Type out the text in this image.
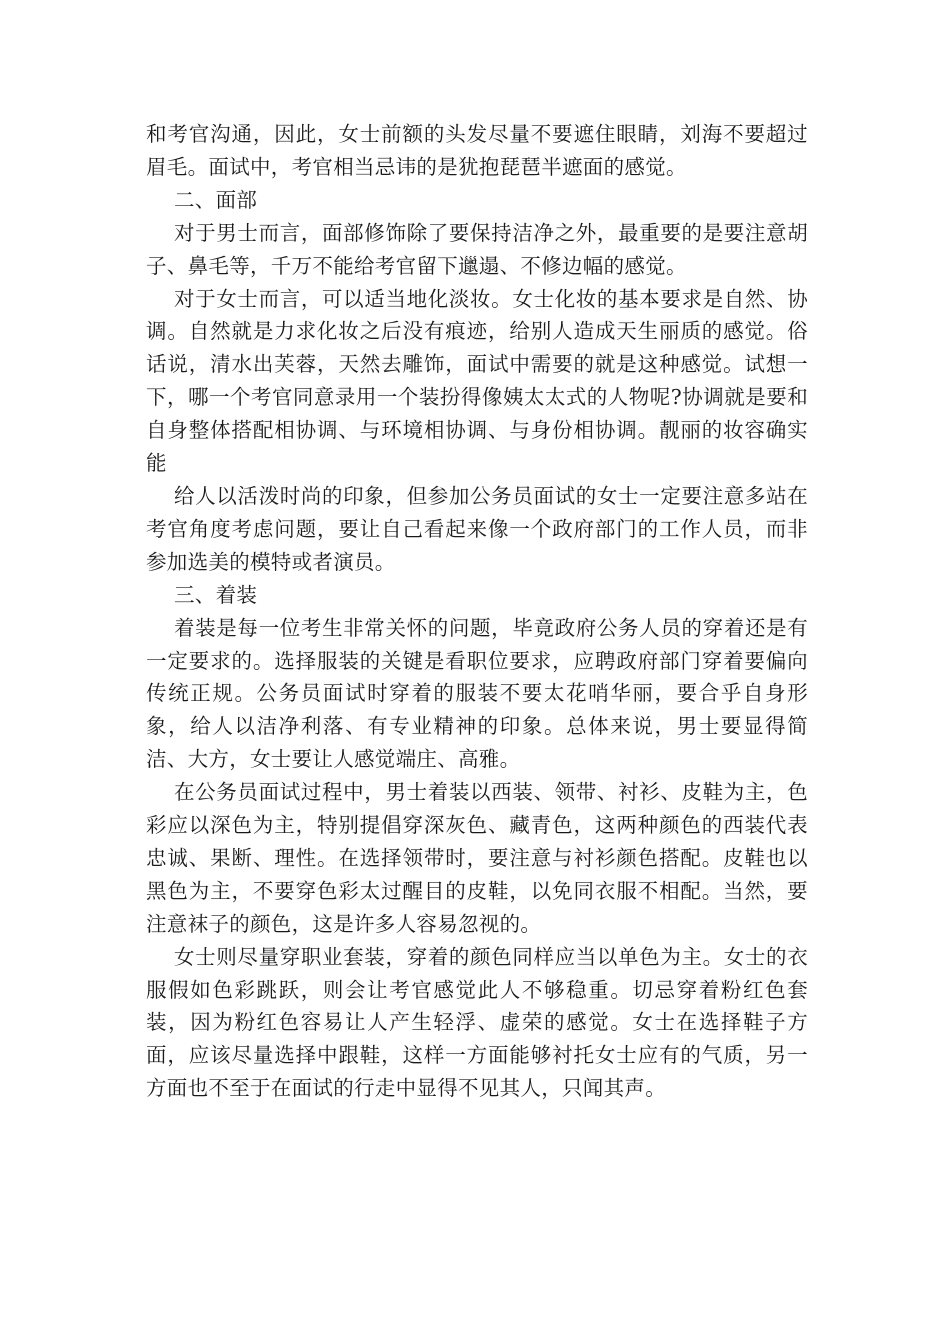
和考官沟通，因此，女士前额的头发尽量不要遮住眼睛，刘海不要超过眉毛。面试中，考官相当忌讳的是犹抱琵琶半遮面的感觉。

二、面部

对于男士而言，面部修饰除了要保持洁净之外，最重要的是要注意胡子、鼻毛等，千万不能给考官留下邋遢、不修边幅的感觉。

对于女士而言，可以适当地化淡妆。女士化妆的基本要求是自然、协调。自然就是力求化妆之后没有痕迹，给别人造成天生丽质的感觉。俗话说，清水出芙蓉，天然去雕饰，面试中需要的就是这种感觉。试想一下，哪一个考官同意录用一个装扮得像姨太太式的人物呢?协调就是要和自身整体搭配相协调、与环境相协调、与身份相协调。靓丽的妆容确实能

给人以活泼时尚的印象，但参加公务员面试的女士一定要注意多站在考官角度考虑问题，要让自己看起来像一个政府部门的工作人员，而非参加选美的模特或者演员。

三、着装

着装是每一位考生非常关怀的问题，毕竟政府公务人员的穿着还是有一定要求的。选择服装的关键是看职位要求，应聘政府部门穿着要偏向传统正规。公务员面试时穿着的服装不要太花哨华丽，要合乎自身形象，给人以洁净利落、有专业精神的印象。总体来说，男士要显得简洁、大方，女士要让人感觉端庄、高雅。

在公务员面试过程中，男士着装以西装、领带、衬衫、皮鞋为主，色彩应以深色为主，特别提倡穿深灰色、藏青色，这两种颜色的西装代表忠诚、果断、理性。在选择领带时，要注意与衬衫颜色搭配。皮鞋也以黑色为主，不要穿色彩太过醒目的皮鞋，以免同衣服不相配。当然，要注意袜子的颜色，这是许多人容易忽视的。

女士则尽量穿职业套装，穿着的颜色同样应当以单色为主。女士的衣服假如色彩跳跃，则会让考官感觉此人不够稳重。切忌穿着粉红色套装，因为粉红色容易让人产生轻浮、虚荣的感觉。女士在选择鞋子方面，应该尽量选择中跟鞋，这样一方面能够衬托女士应有的气质，另一方面也不至于在面试的行走中显得不见其人，只闻其声。
